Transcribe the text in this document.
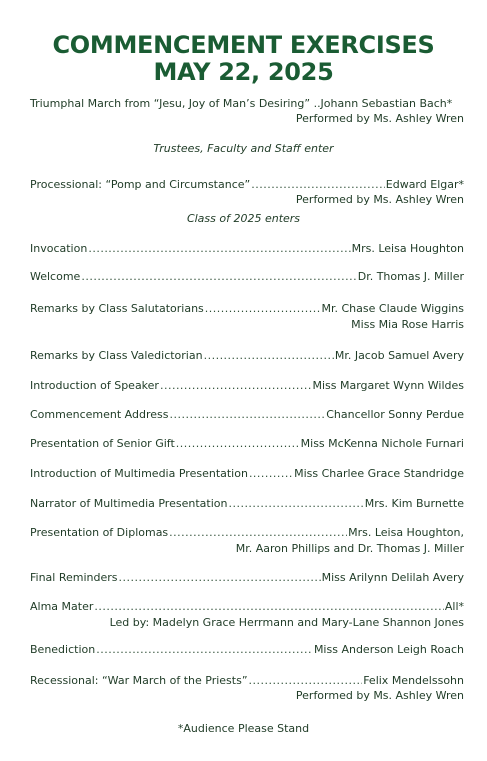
COMMENCEMENT EXERCISES
MAY 22, 2025
Triumphal March from “Jesu, Joy of Man’s Desiring” ..Johann Sebastian Bach*
Performed by Ms. Ashley Wren
Trustees, Faculty and Staff enter
Processional: “Pomp and Circumstance” .....	Edward Elgar*
Performed by Ms. Ashley Wren
Class of 2025 enters
Invocation .....	Mrs. Leisa Houghton
Welcome .....	Dr. Thomas J. Miller
Remarks by Class Salutatorians .....	Mr. Chase Claude Wiggins
Miss Mia Rose Harris
Remarks by Class Valedictorian .....	Mr. Jacob Samuel Avery
Introduction of Speaker .....	Miss Margaret Wynn Wildes
Commencement Address .....	Chancellor Sonny Perdue
Presentation of Senior Gift .....	Miss McKenna Nichole Furnari
Introduction of Multimedia Presentation .....	Miss Charlee Grace Standridge
Narrator of Multimedia Presentation .....	Mrs. Kim Burnette
Presentation of Diplomas .....	Mrs. Leisa Houghton,
Mr. Aaron Phillips and Dr. Thomas J. Miller
Final Reminders .....	Miss Arilynn Delilah Avery
Alma Mater .....	All*
Led by: Madelyn Grace Herrmann and Mary-Lane Shannon Jones
Benediction .....	Miss Anderson Leigh Roach
Recessional: “War March of the Priests” .....	Felix Mendelssohn
Performed by Ms. Ashley Wren
*Audience Please Stand
